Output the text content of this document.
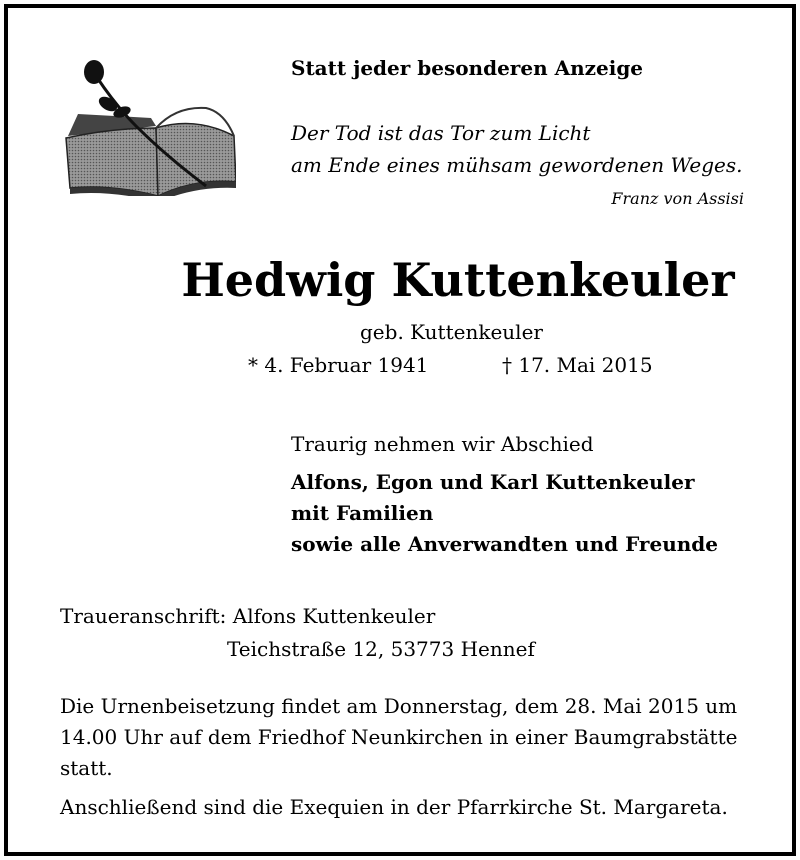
Statt jeder besonderen Anzeige
Der Tod ist das Tor zum Licht
am Ende eines mühsam gewordenen Weges.
Franz von Assisi
Hedwig Kuttenkeuler
geb. Kuttenkeuler
* 4. Februar 1941	† 17. Mai 2015
Traurig nehmen wir Abschied
Alfons, Egon und Karl Kuttenkeuler
mit Familien
sowie alle Anverwandten und Freunde
Traueranschrift: Alfons Kuttenkeuler
Teichstraße 12, 53773 Hennef
Die Urnenbeisetzung findet am Donnerstag, dem 28. Mai 2015 um 14.00 Uhr auf dem Friedhof Neunkirchen in einer Baumgrabstätte statt.
Anschließend sind die Exequien in der Pfarrkirche St. Margareta.
